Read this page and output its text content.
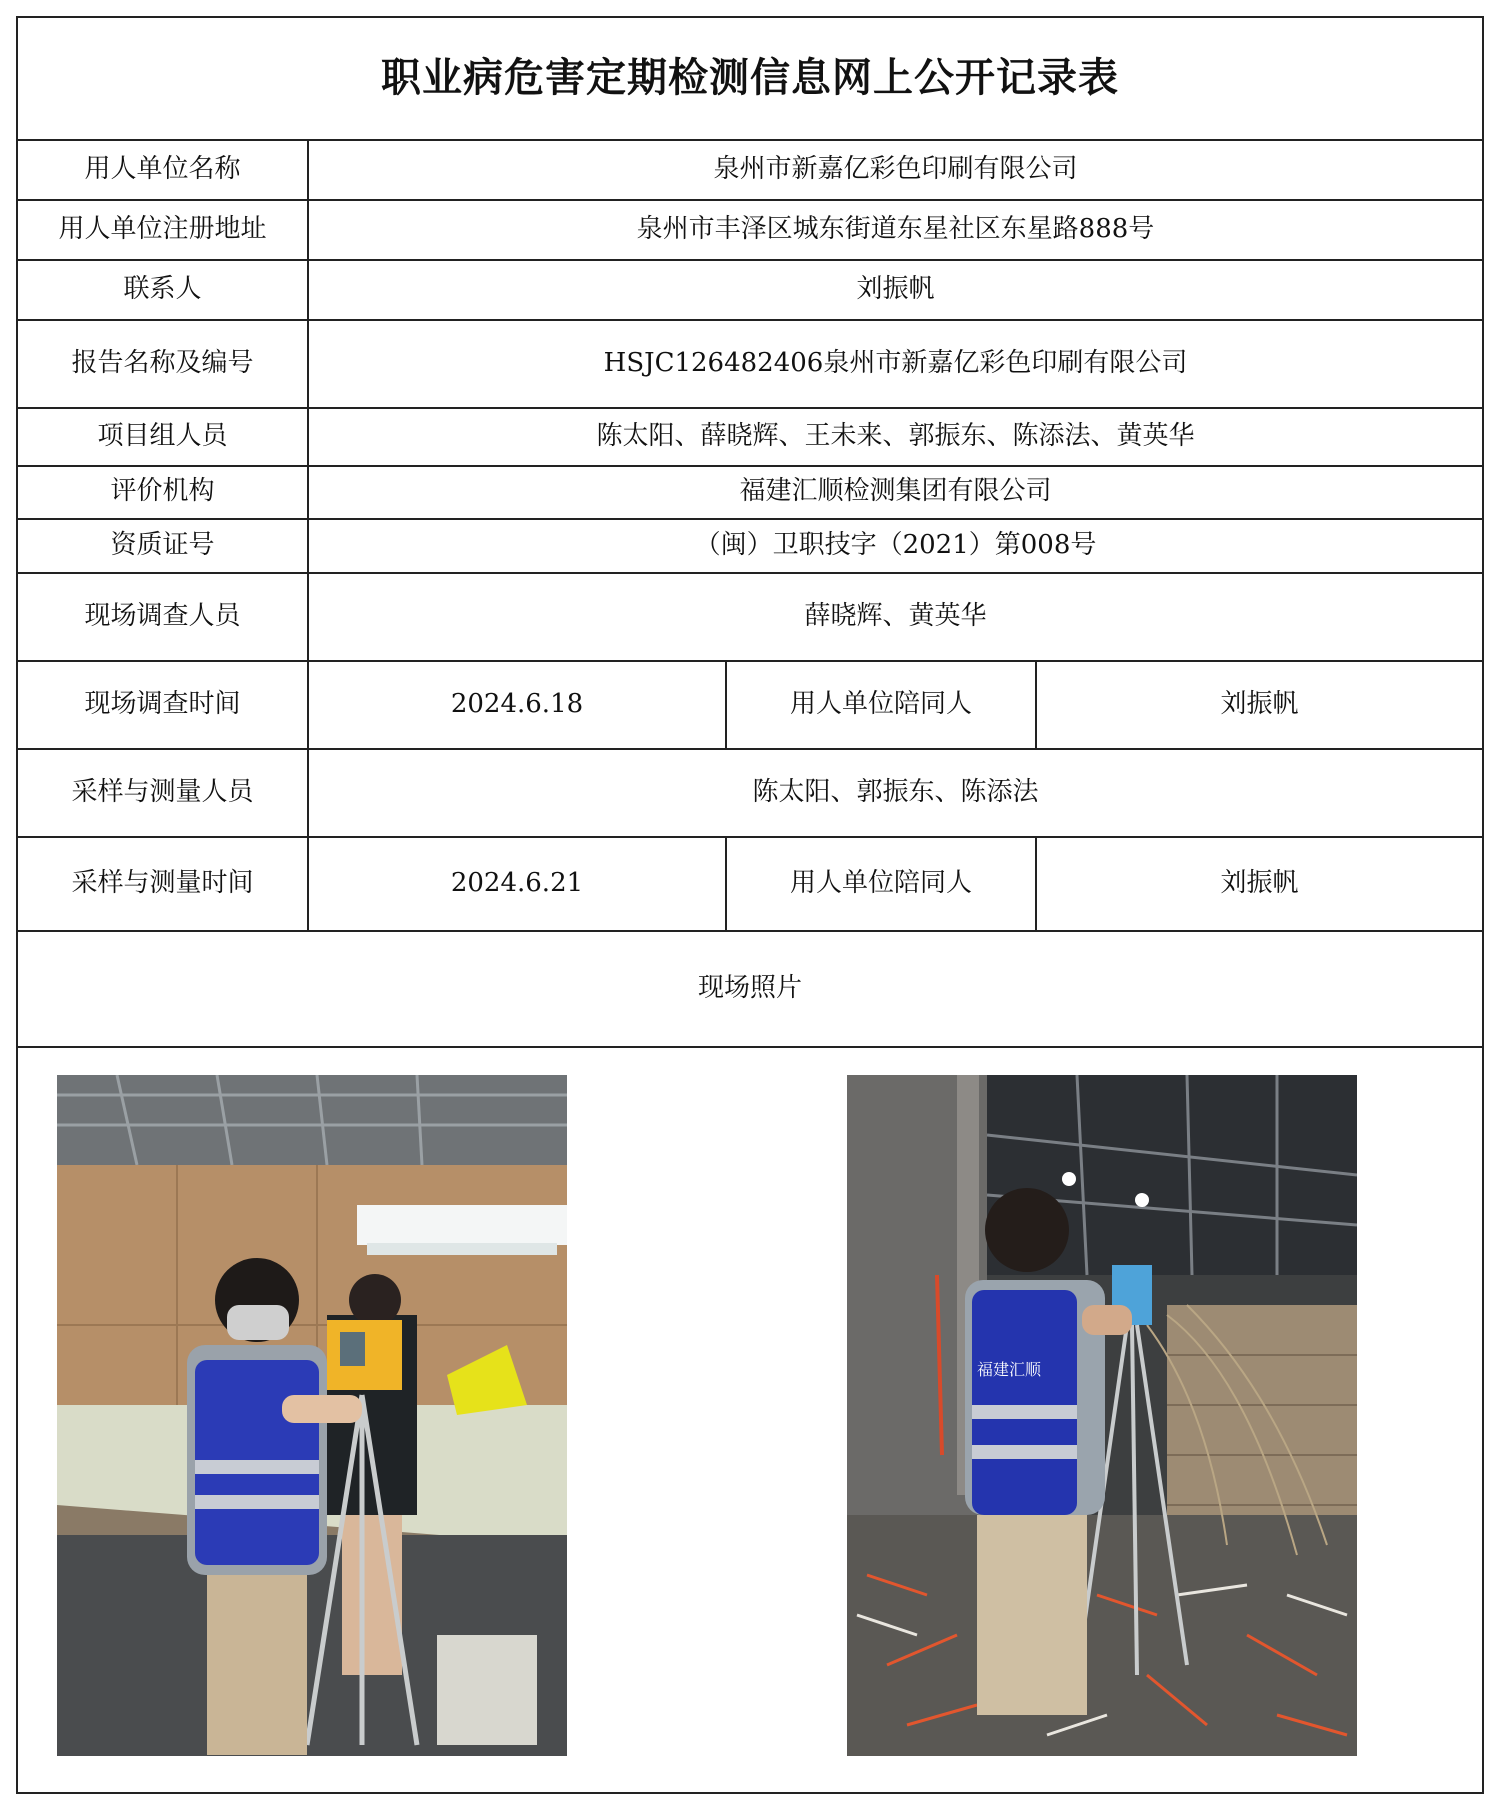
职业病危害定期检测信息网上公开记录表
用人单位名称	泉州市新嘉亿彩色印刷有限公司
用人单位注册地址	泉州市丰泽区城东街道东星社区东星路888号
联系人	刘振帆
报告名称及编号	HSJC126482406泉州市新嘉亿彩色印刷有限公司
项目组人员	陈太阳、薛晓辉、王未来、郭振东、陈添法、黄英华
评价机构	福建汇顺检测集团有限公司
资质证号	（闽）卫职技字（2021）第008号
现场调查人员	薛晓辉、黄英华
现场调查时间	2024.6.18	用人单位陪同人	刘振帆
采样与测量人员	陈太阳、郭振东、陈添法
采样与测量时间	2024.6.21	用人单位陪同人	刘振帆
现场照片
福建汇顺
